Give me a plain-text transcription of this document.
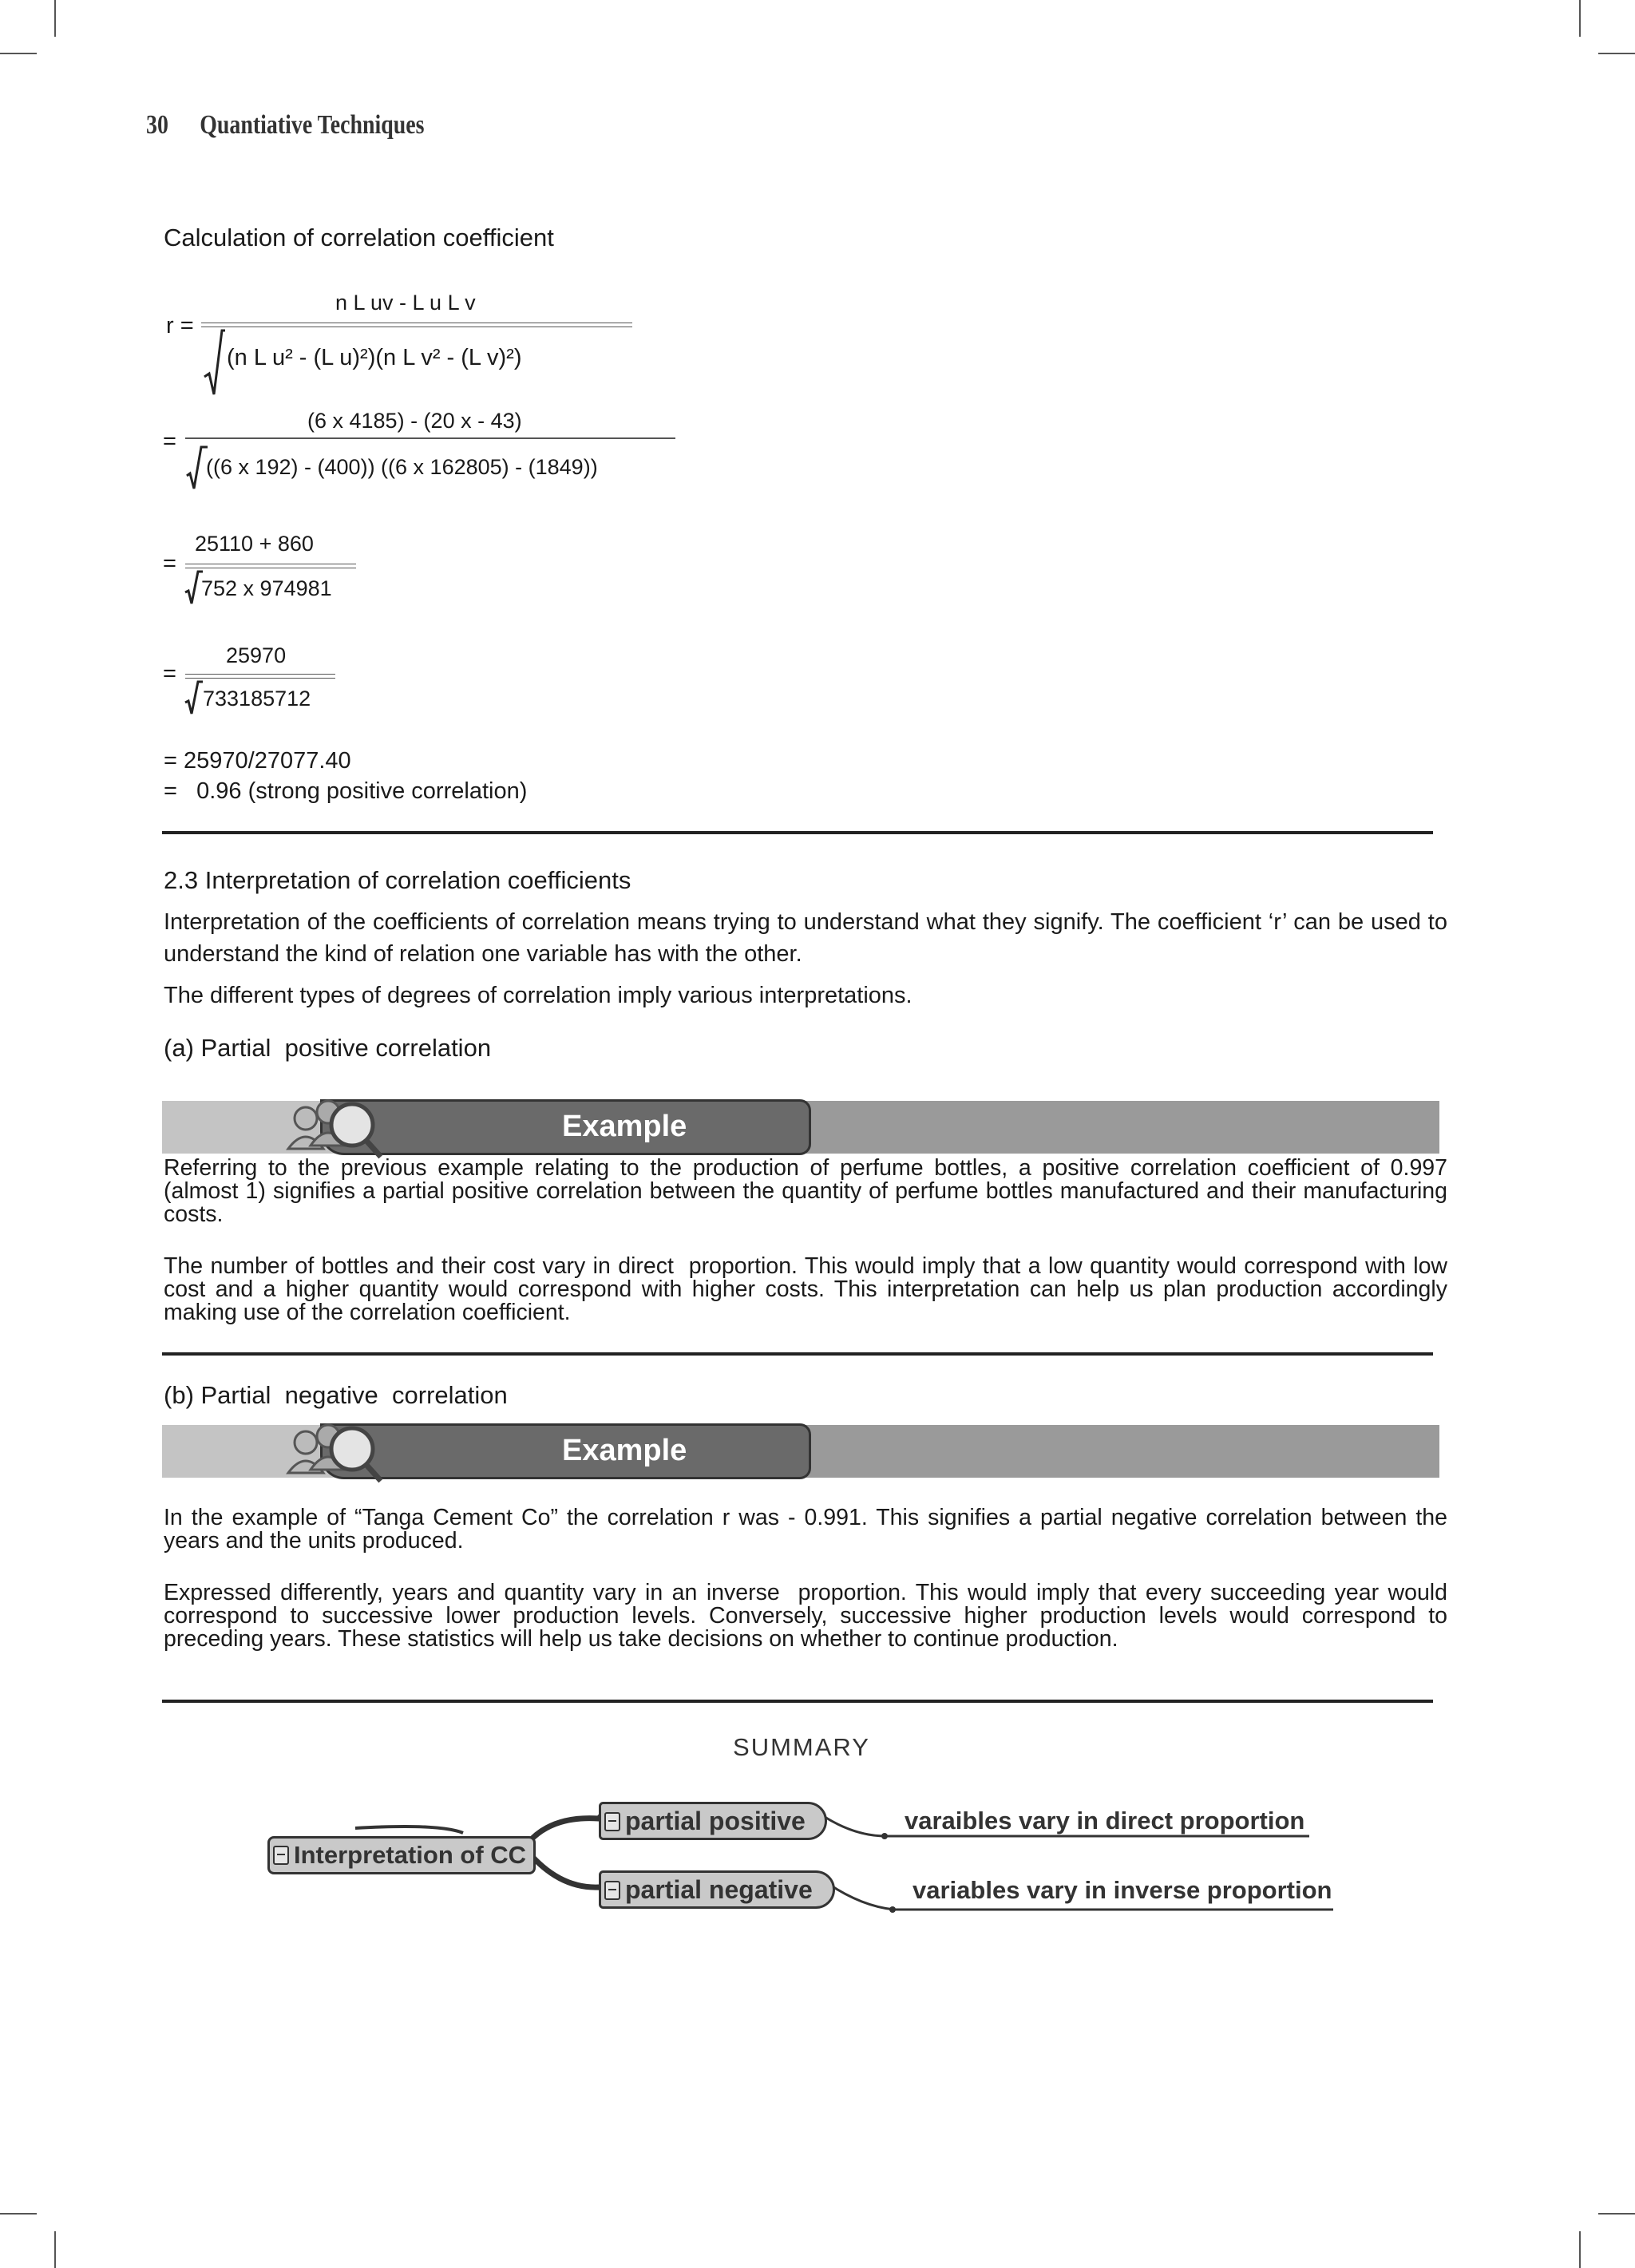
30 Quantiative Techniques
Calculation of correlation coefficient
r =
n L uv - L u L v
(n L u² - (L u)²)(n L v² - (L v)²)
(6 x 4185) - (20 x - 43)
=
((6 x 192) - (400)) ((6 x 162805) - (1849))
25110 + 860
=
752 x 974981
25970
=
733185712
= 25970/27077.40
=   0.96 (strong positive correlation)
2.3 Interpretation of correlation coefficients
Interpretation of the coefficients of correlation means trying to understand what they signify. The coefficient ‘r’ can be used to understand the kind of relation one variable has with the other.
The different types of degrees of correlation imply various interpretations.
(a) Partial  positive correlation
Example
Referring to the previous example relating to the production of perfume bottles, a positive correlation coefficient of 0.997 (almost 1) signifies a partial positive correlation between the quantity of perfume bottles manufactured and their manufacturing costs.
The number of bottles and their cost vary in direct  proportion. This would imply that a low quantity would correspond with low cost and a higher quantity would correspond with higher costs. This interpretation can help us plan production accordingly making use of the correlation coefficient.
(b) Partial  negative  correlation
Example
In the example of “Tanga Cement Co” the correlation r was - 0.991. This signifies a partial negative correlation between the years and the units produced.
Expressed differently, years and quantity vary in an inverse  proportion. This would imply that every succeeding year would correspond to successive lower production levels. Conversely, successive higher production levels would correspond to preceding years. These statistics will help us take decisions on whether to continue production.
SUMMARY
Interpretation of CC
partial positive
partial negative
varaibles vary in direct proportion
variables vary in inverse proportion
